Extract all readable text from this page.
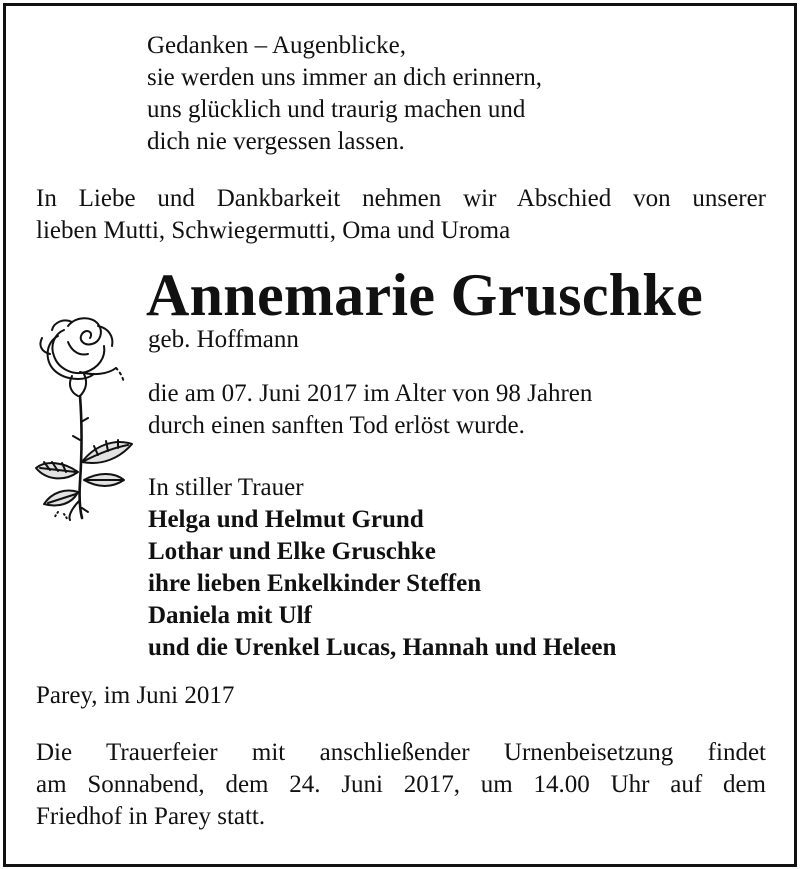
Gedanken – Augenblicke,
sie werden uns immer an dich erinnern,
uns glücklich und traurig machen und
dich nie vergessen lassen.
In Liebe und Dankbarkeit nehmen wir Abschied von unserer
lieben Mutti, Schwiegermutti, Oma und Uroma
Annemarie Gruschke
geb. Hoffmann
die am 07. Juni 2017 im Alter von 98 Jahren
durch einen sanften Tod erlöst wurde.
In stiller Trauer
Helga und Helmut Grund
Lothar und Elke Gruschke
ihre lieben Enkelkinder Steffen
Daniela mit Ulf
und die Urenkel Lucas, Hannah und Heleen
Parey, im Juni 2017
Die Trauerfeier mit anschließender Urnenbeisetzung findet
am Sonnabend, dem 24. Juni 2017, um 14.00 Uhr auf dem
Friedhof in Parey statt.
